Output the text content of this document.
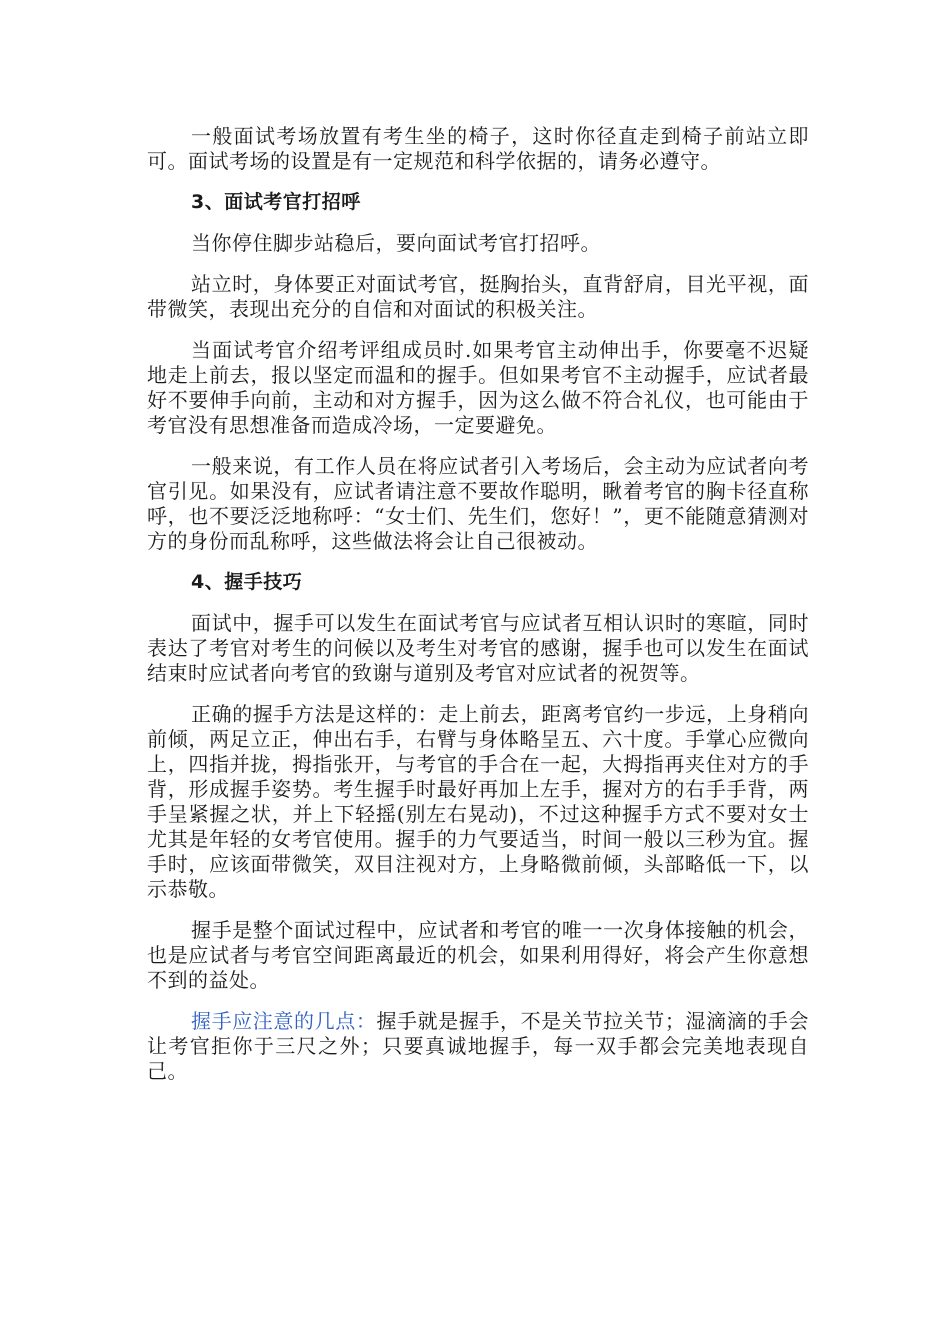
一般面试考场放置有考生坐的椅子，这时你径直走到椅子前站立即可。面试考场的设置是有一定规范和科学依据的，请务必遵守。

3、面试考官打招呼

当你停住脚步站稳后，要向面试考官打招呼。

站立时，身体要正对面试考官，挺胸抬头，直背舒肩，目光平视，面带微笑，表现出充分的自信和对面试的积极关注。

当面试考官介绍考评组成员时.如果考官主动伸出手，你要毫不迟疑地走上前去，报以坚定而温和的握手。但如果考官不主动握手，应试者最好不要伸手向前，主动和对方握手，因为这么做不符合礼仪，也可能由于考官没有思想准备而造成冷场，一定要避免。

一般来说，有工作人员在将应试者引入考场后，会主动为应试者向考官引见。如果没有，应试者请注意不要故作聪明，瞅着考官的胸卡径直称呼，也不要泛泛地称呼：“女士们、先生们，您好！”，更不能随意猜测对方的身份而乱称呼，这些做法将会让自己很被动。

4、握手技巧

面试中，握手可以发生在面试考官与应试者互相认识时的寒暄，同时表达了考官对考生的问候以及考生对考官的感谢，握手也可以发生在面试结束时应试者向考官的致谢与道别及考官对应试者的祝贺等。

正确的握手方法是这样的：走上前去，距离考官约一步远，上身稍向前倾，两足立正，伸出右手，右臂与身体略呈五、六十度。手掌心应微向上，四指并拢，拇指张开，与考官的手合在一起，大拇指再夹住对方的手背，形成握手姿势。考生握手时最好再加上左手，握对方的右手手背，两手呈紧握之状，并上下轻摇(别左右晃动)，不过这种握手方式不要对女士尤其是年轻的女考官使用。握手的力气要适当，时间一般以三秒为宜。握手时，应该面带微笑，双目注视对方，上身略微前倾，头部略低一下，以示恭敬。

握手是整个面试过程中，应试者和考官的唯一一次身体接触的机会，也是应试者与考官空间距离最近的机会，如果利用得好，将会产生你意想不到的益处。

握手应注意的几点：握手就是握手，不是关节拉关节；湿滴滴的手会让考官拒你于三尺之外；只要真诚地握手，每一双手都会完美地表现自己。
